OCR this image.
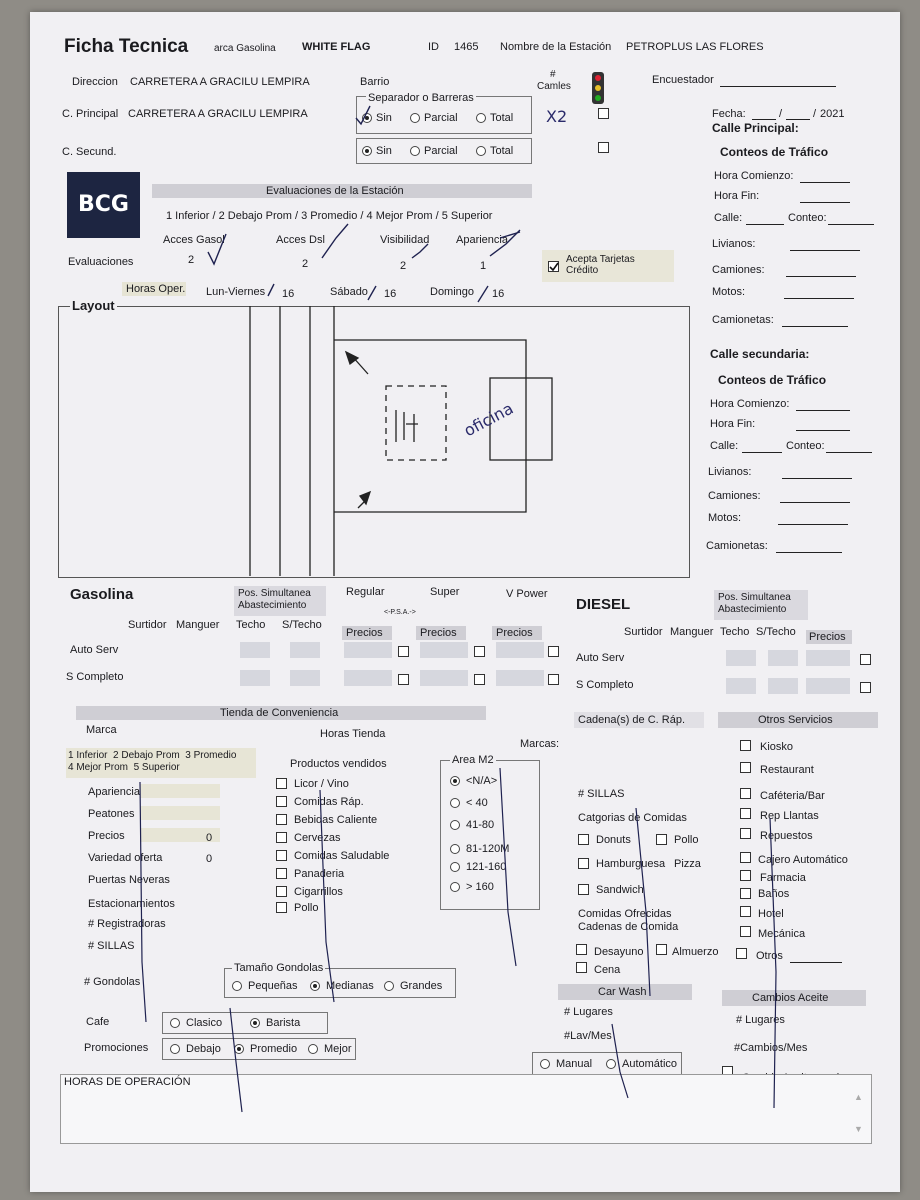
Ficha Tecnica	arca Gasolina WHITE FLAG	ID 1465 Nombre de la Estación PETROPLUS LAS FLORES
Direccion CARRETERA A GRACILU LEMPIRA
C. Principal CARRETERA A GRACILU LEMPIRA
C. Secund.
Barrio
Separador o Barreras
Sin	Parcial	Total
Sin	Parcial	Total
#
Camles
X2
Encuestador
Fecha:	/	/ 2021
BCG
Evaluaciones de la Estación
1 Inferior / 2 Debajo Prom / 3 Promedio / 4 Mejor Prom / 5 Superior
Acces Gasol	Acces Dsl	Visibilidad Apariencia
Evaluaciones	2	2	2	1
Acepta Tarjetas Crédito
Horas Oper. Lun-Viernes 16	Sábado 16	Domingo 16
Layout
oficina
Calle Principal:
Conteos de Tráfico
Hora Comienzo:
Hora Fin:
Calle:	Conteo:
Livianos:
Camiones:
Motos:
Camionetas:
Calle secundaria:
Conteos de Tráfico
Hora Comienzo:
Hora Fin:
Calle:	Conteo:
Livianos:
Camiones:
Motos:
Camionetas:
Gasolina	Pos. Simultanea Abastecimiento
Regular	Super	V Power
<-P.S.A.->
Surtidor Manguer Techo S/Techo
Precios	Precios	Precios
Auto Serv
S Completo
DIESEL	Pos. Simultanea Abastecimiento
Surtidor Manguer Techo S/Techo Precios
Auto Serv
S Completo
Tienda de Conveniencia
Marca	Horas Tienda
Marcas:
1 Inferior  2 Debajo Prom  3 Promedio
4 Mejor Prom  5 Superior
Apariencia
Peatones
Precios	0
Variedad oferta	0
Puertas Neveras
Estacionamientos
# Registradoras
# SILLAS
# Gondolas
Productos vendidos
Licor / Vino
Comidas Ráp.
Bebidas Caliente
Cervezas
Comidas Saludable
Panaderia
Cigarrillos
Pollo
Area M2
<N/A>
< 40
41-80
81-120M
121-160
> 160
Tamaño Gondolas
Pequeñas	Medianas Grandes
Cafe	Clasico	Barista
Promociones	Debajo	Promedio Mejor
Cadena(s) de C. Ráp.
# SILLAS
Catgorias de Comidas
Donuts	Pollo
Hamburguesa Pizza
Sandwich
Comidas Ofrecidas Cadenas de Comida
Desayuno	Almuerzo
Cena
Otros Servicios
Kiosko
Restaurant
Caféteria/Bar
Rep Llantas
Repuestos
Cajero Automático
Farmacia
Baños
Hotel
Mecánica
Otros
Car Wash
# Lugares
#Lav/Mes
Manual	Automático
Cambios Aceite
# Lugares
#Cambios/Mes
HORAS DE OPERACIÓN
▲
▼
